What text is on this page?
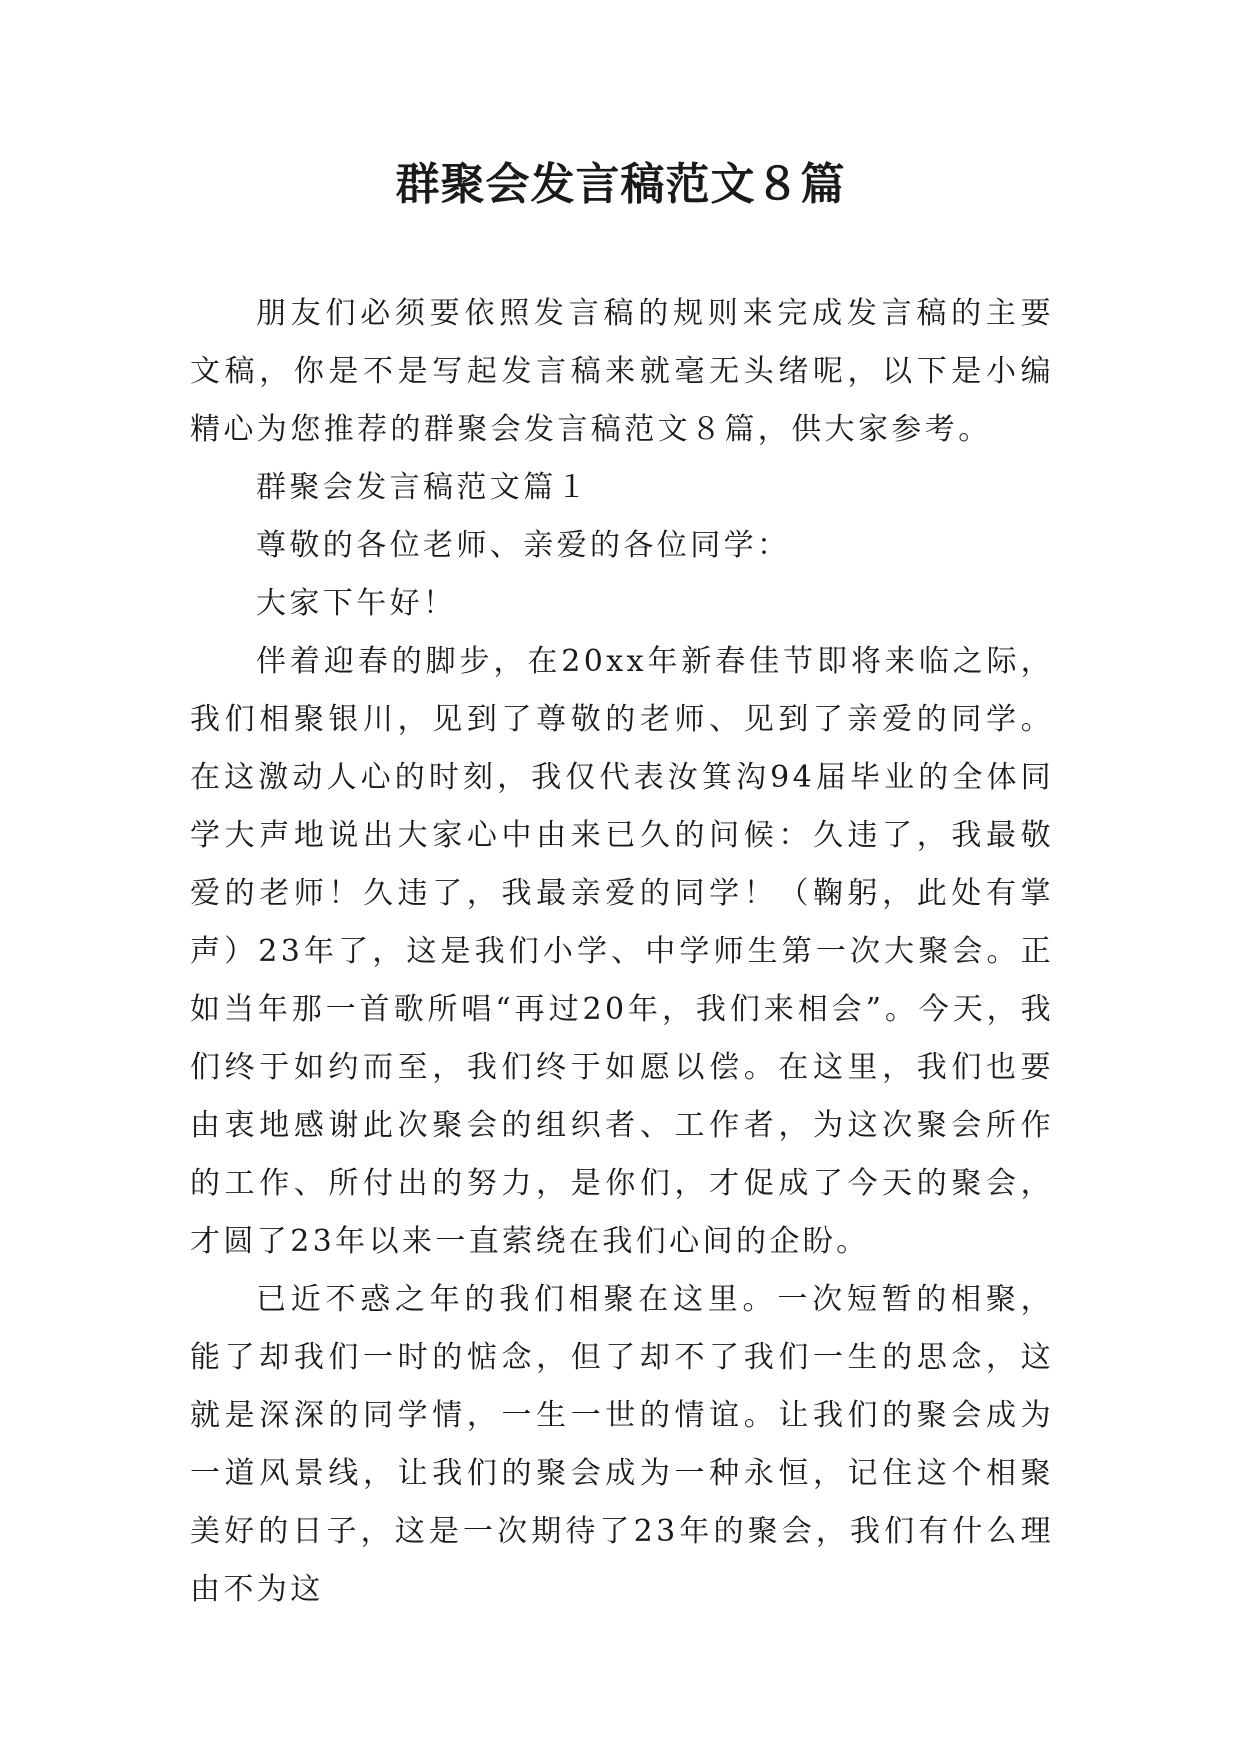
群聚会发言稿范文８篇

朋友们必须要依照发言稿的规则来完成发言稿的主要文稿，你是不是写起发言稿来就毫无头绪呢，以下是小编精心为您推荐的群聚会发言稿范文８篇，供大家参考。

群聚会发言稿范文篇１

尊敬的各位老师、亲爱的各位同学：

大家下午好！

伴着迎春的脚步，在20xx年新春佳节即将来临之际，我们相聚银川，见到了尊敬的老师、见到了亲爱的同学。在这激动人心的时刻，我仅代表汝箕沟94届毕业的全体同学大声地说出大家心中由来已久的问候：久违了，我最敬爱的老师！久违了，我最亲爱的同学！（鞠躬，此处有掌声）23年了，这是我们小学、中学师生第一次大聚会。正如当年那一首歌所唱“再过20年，我们来相会”。今天，我们终于如约而至，我们终于如愿以偿。在这里，我们也要由衷地感谢此次聚会的组织者、工作者，为这次聚会所作的工作、所付出的努力，是你们，才促成了今天的聚会，才圆了23年以来一直萦绕在我们心间的企盼。

已近不惑之年的我们相聚在这里。一次短暂的相聚，能了却我们一时的惦念，但了却不了我们一生的思念，这就是深深的同学情，一生一世的情谊。让我们的聚会成为一道风景线，让我们的聚会成为一种永恒，记住这个相聚美好的日子，这是一次期待了23年的聚会，我们有什么理由不为这
